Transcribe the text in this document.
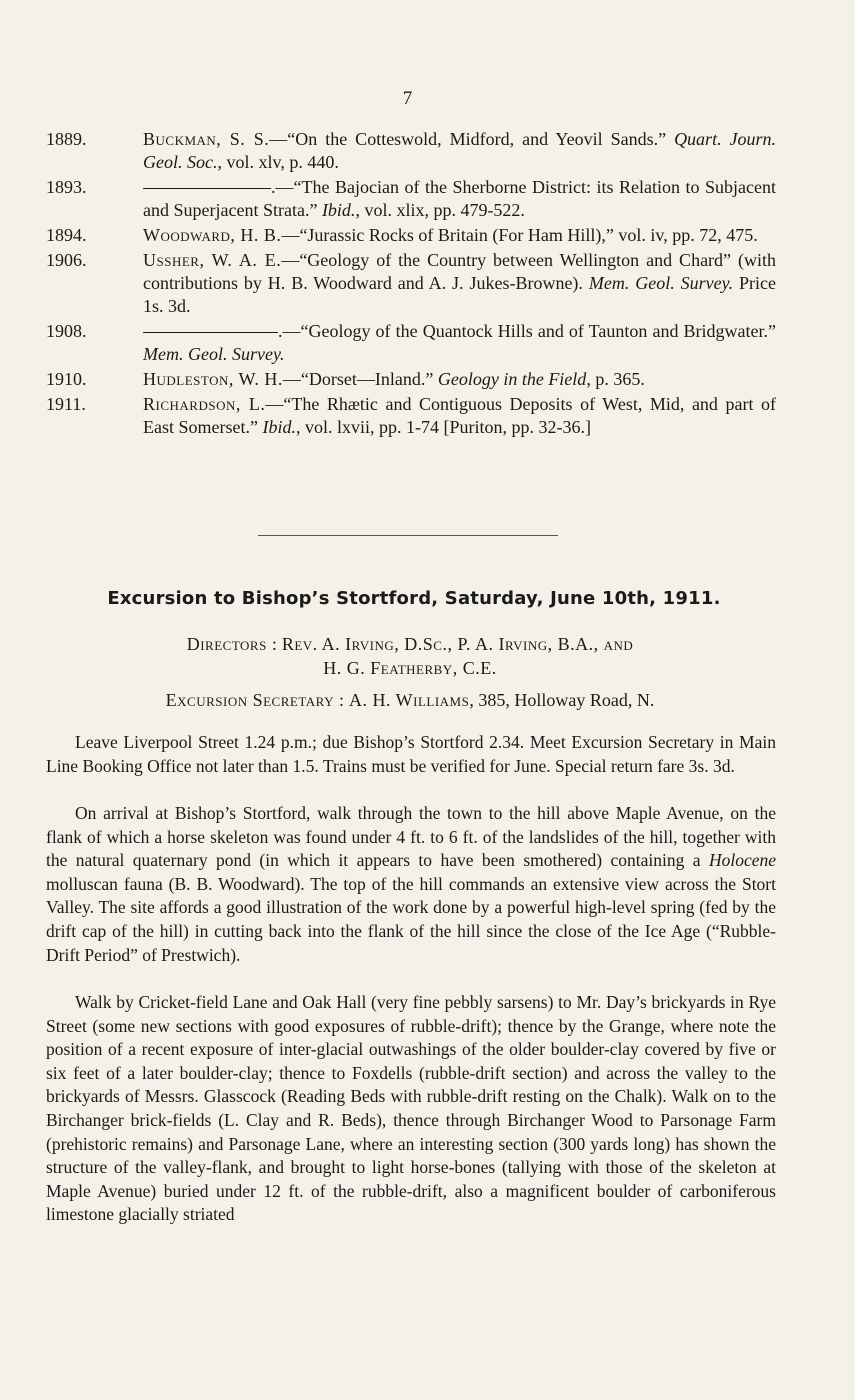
7
1889.	Buckman, S. S.—“On the Cotteswold, Midford, and Yeovil Sands.” Quart. Journ. Geol. Soc., vol. xlv, p. 440.
1893.	.—“The Bajocian of the Sherborne District: its Relation to Subjacent and Superjacent Strata.” Ibid., vol. xlix, pp. 479-522.
1894.	Woodward, H. B.—“Jurassic Rocks of Britain (For Ham Hill),” vol. iv, pp. 72, 475.
1906.	Ussher, W. A. E.—“Geology of the Country between Wellington and Chard” (with contributions by H. B. Woodward and A. J. Jukes-Browne). Mem. Geol. Survey. Price 1s. 3d.
1908.	.—“Geology of the Quantock Hills and of Taunton and Bridgwater.” Mem. Geol. Survey.
1910.	Hudleston, W. H.—“Dorset—Inland.” Geology in the Field, p. 365.
1911.	Richardson, L.—“The Rhætic and Contiguous Deposits of West, Mid, and part of East Somerset.” Ibid., vol. lxvii, pp. 1-74 [Puriton, pp. 32-36.]
Excursion to Bishop’s Stortford, Saturday, June 10th, 1911.
Directors : Rev. A. Irving, D.Sc., P. A. Irving, B.A., and
H. G. Featherby, C.E.
Excursion Secretary : A. H. Williams, 385, Holloway Road, N.

Leave Liverpool Street 1.24 p.m.; due Bishop’s Stortford 2.34. Meet Excursion Secretary in Main Line Booking Office not later than 1.5. Trains must be verified for June. Special return fare 3s. 3d.

On arrival at Bishop’s Stortford, walk through the town to the hill above Maple Avenue, on the flank of which a horse skeleton was found under 4 ft. to 6 ft. of the landslides of the hill, together with the natural quaternary pond (in which it appears to have been smothered) containing a Holocene molluscan fauna (B. B. Woodward). The top of the hill commands an extensive view across the Stort Valley. The site affords a good illustration of the work done by a powerful high-level spring (fed by the drift cap of the hill) in cutting back into the flank of the hill since the close of the Ice Age (“Rubble-Drift Period” of Prestwich).

Walk by Cricket-field Lane and Oak Hall (very fine pebbly sarsens) to Mr. Day’s brickyards in Rye Street (some new sections with good exposures of rubble-drift); thence by the Grange, where note the position of a recent exposure of inter-glacial outwashings of the older boulder-clay covered by five or six feet of a later boulder-clay; thence to Foxdells (rubble-drift section) and across the valley to the brickyards of Messrs. Glasscock (Reading Beds with rubble-drift resting on the Chalk). Walk on to the Birchanger brick-fields (L. Clay and R. Beds), thence through Birchanger Wood to Parsonage Farm (prehistoric remains) and Parsonage Lane, where an interesting section (300 yards long) has shown the structure of the valley-flank, and brought to light horse-bones (tallying with those of the skeleton at Maple Avenue) buried under 12 ft. of the rubble-drift, also a magnificent boulder of carboniferous limestone glacially striated
